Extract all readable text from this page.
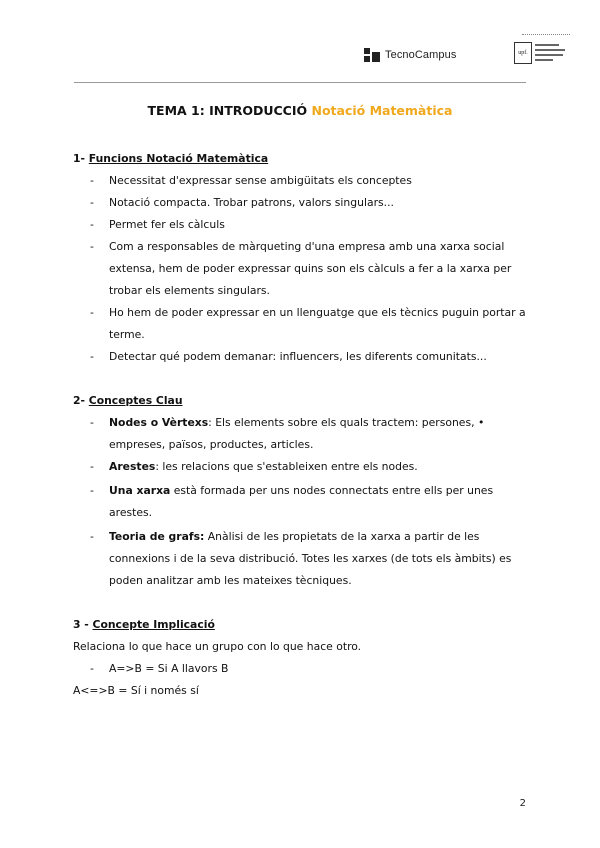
TecnoCampus	upf.
TEMA 1: INTRODUCCIÓ Notació Matemàtica

1- Funcions Notació Matemàtica

- Necessitat d'expressar sense ambigüitats els conceptes
- Notació compacta. Trobar patrons, valors singulars...
- Permet fer els càlculs
- Com a responsables de màrqueting d'una empresa amb una xarxa social extensa, hem de poder expressar quins son els càlculs a fer a la xarxa per trobar els elements singulars.
- Ho hem de poder expressar en un llenguatge que els tècnics puguin portar a terme.
- Detectar qué podem demanar: influencers, les diferents comunitats...

2- Conceptes Clau

- Nodes o Vèrtexs: Els elements sobre els quals tractem: persones, • empreses, països, productes, articles.
- Arestes: les relacions que s'estableixen entre els nodes.
- Una xarxa està formada per uns nodes connectats entre ells per unes arestes.
- Teoria de grafs: Anàlisi de les propietats de la xarxa a partir de les connexions i de la seva distribució. Totes les xarxes (de tots els àmbits) es poden analitzar amb les mateixes tècniques.

3 - Concepte Implicació

Relaciona lo que hace un grupo con lo que hace otro.

- A=>B = Si A llavors B

A<=>B = Sí i només sí

2
